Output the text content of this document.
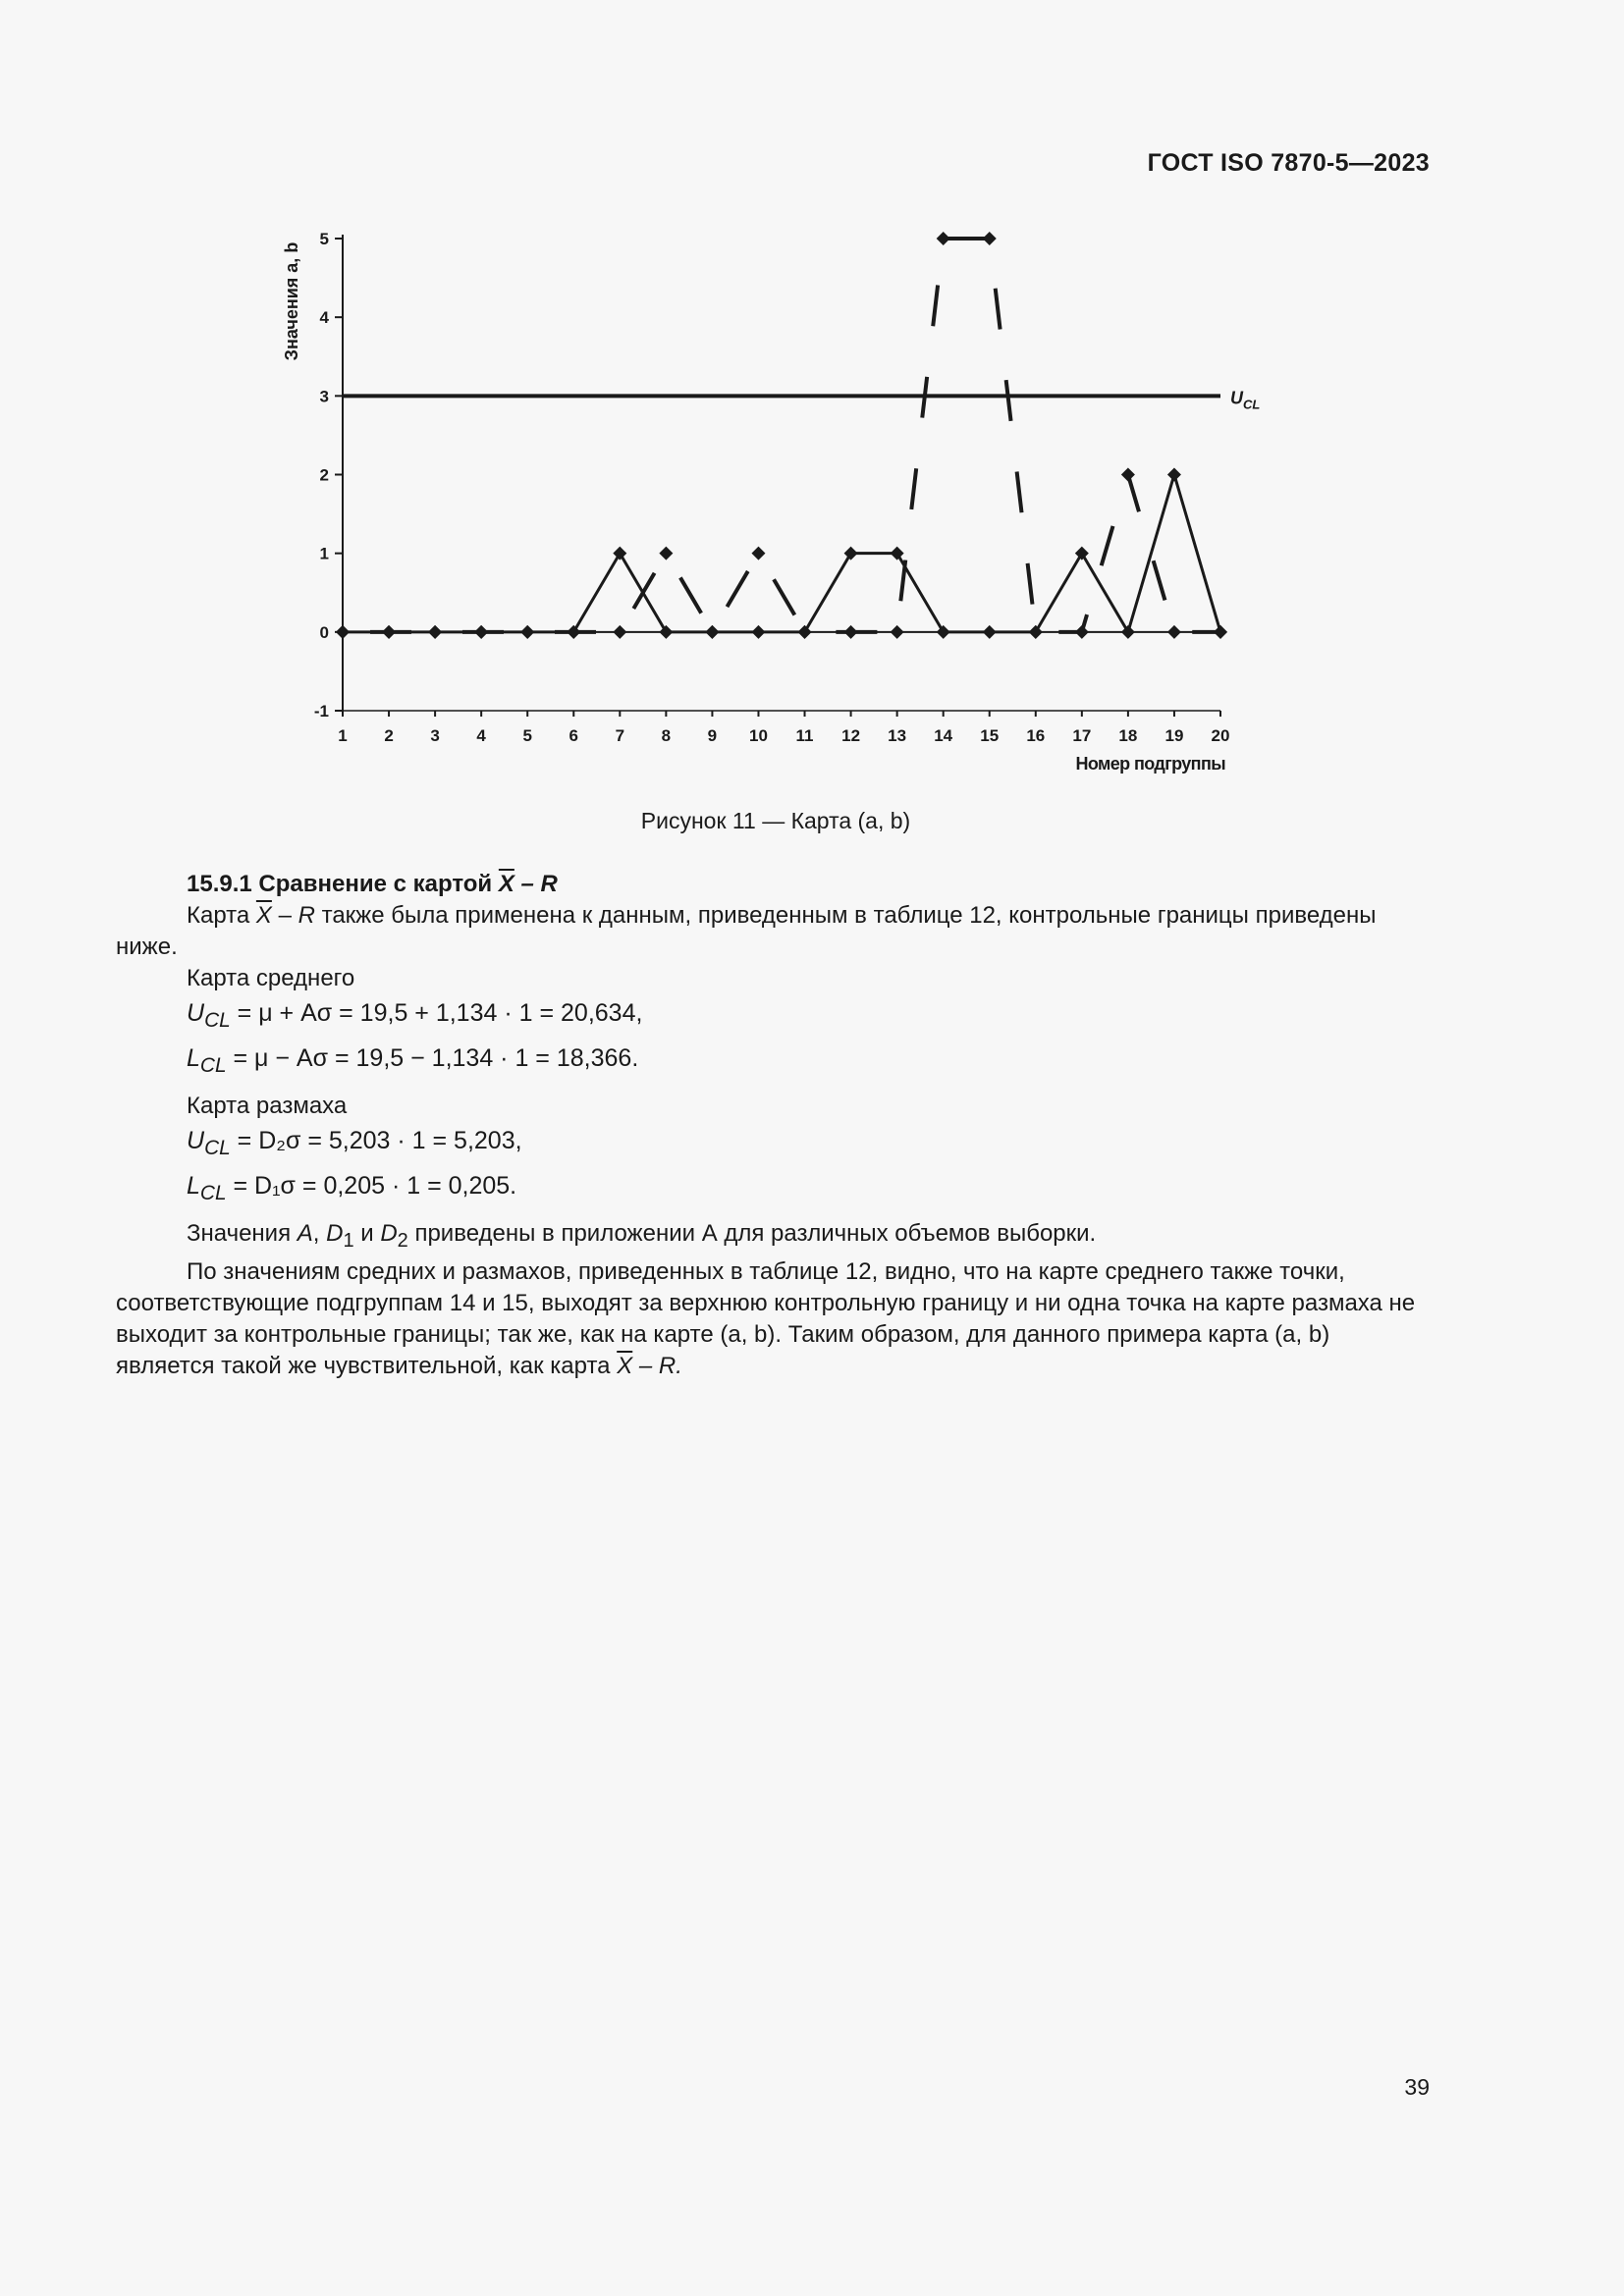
ГОСТ ISO 7870-5—2023
$U_{CL}$
-1
0
1
2
3
4
5
1 2 3 4 5 6 7 8 9 10 11 12 13 14 15 16 17 18 19 20
Номер подгруппы
Значения a, b
Рисунок 11 — Карта (a, b)

15.9.1 Сравнение с картой $\overline{X}$ – R

Карта $\overline{X}$ – R также была применена к данным, приведенным в таблице 12, контрольные границы приведены ниже.

Карта среднего
$U_{CL} = \mu + A\sigma = 19,5 + 1,134 \cdot 1 = 20,634$,
$L_{CL} = \mu - A\sigma = 19,5 - 1,134 \cdot 1 = 18,366$.
Карта размаха
$U_{CL} = D_2\sigma = 5,203 \cdot 1 = 5,203$,
$L_{CL} = D_1\sigma = 0,205 \cdot 1 = 0,205$.

Значения A, $D_1$ и $D_2$ приведены в приложении А для различных объемов выборки.

По значениям средних и размахов, приведенных в таблице 12, видно, что на карте среднего также точки, соответствующие подгруппам 14 и 15, выходят за верхнюю контрольную границу и ни одна точка на карте размаха не выходит за контрольные границы; так же, как на карте (a, b). Таким образом, для данного примера карта (a, b) является такой же чувствительной, как карта $\overline{X}$ – R.

39
